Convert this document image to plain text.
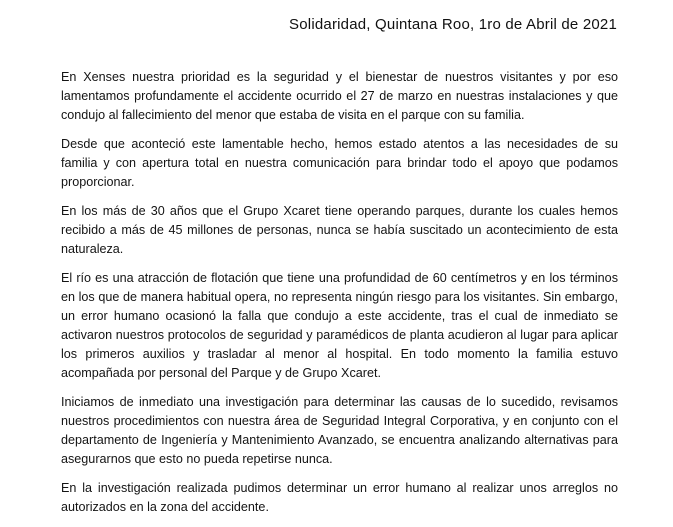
Solidaridad, Quintana Roo, 1ro de Abril de 2021

En Xenses nuestra prioridad es la seguridad y el bienestar de nuestros visitantes y por eso lamentamos profundamente el accidente ocurrido el 27 de marzo en nuestras instalaciones y que condujo al fallecimiento del menor que estaba de visita en el parque con su familia.

Desde que aconteció este lamentable hecho, hemos estado atentos a las necesidades de su familia y con apertura total en nuestra comunicación para brindar todo el apoyo que podamos proporcionar.

En los más de 30 años que el Grupo Xcaret tiene operando parques, durante los cuales hemos recibido a más de 45 millones de personas, nunca se había suscitado un acontecimiento de esta naturaleza.

El río es una atracción de flotación que tiene una profundidad de 60 centímetros y en los términos en los que de manera habitual opera, no representa ningún riesgo para los visitantes. Sin embargo, un error humano ocasionó la falla que condujo a este accidente, tras el cual de inmediato se activaron nuestros protocolos de seguridad y paramédicos de planta acudieron al lugar para aplicar los primeros auxilios y trasladar al menor al hospital. En todo momento la familia estuvo acompañada por personal del Parque y de Grupo Xcaret.

Iniciamos de inmediato una investigación para determinar las causas de lo sucedido, revisamos nuestros procedimientos con nuestra área de Seguridad Integral Corporativa, y en conjunto con el departamento de Ingeniería y Mantenimiento Avanzado, se encuentra analizando alternativas para asegurarnos que esto no pueda repetirse nunca.

En la investigación realizada pudimos determinar un error humano al realizar unos arreglos no autorizados en la zona del accidente.
